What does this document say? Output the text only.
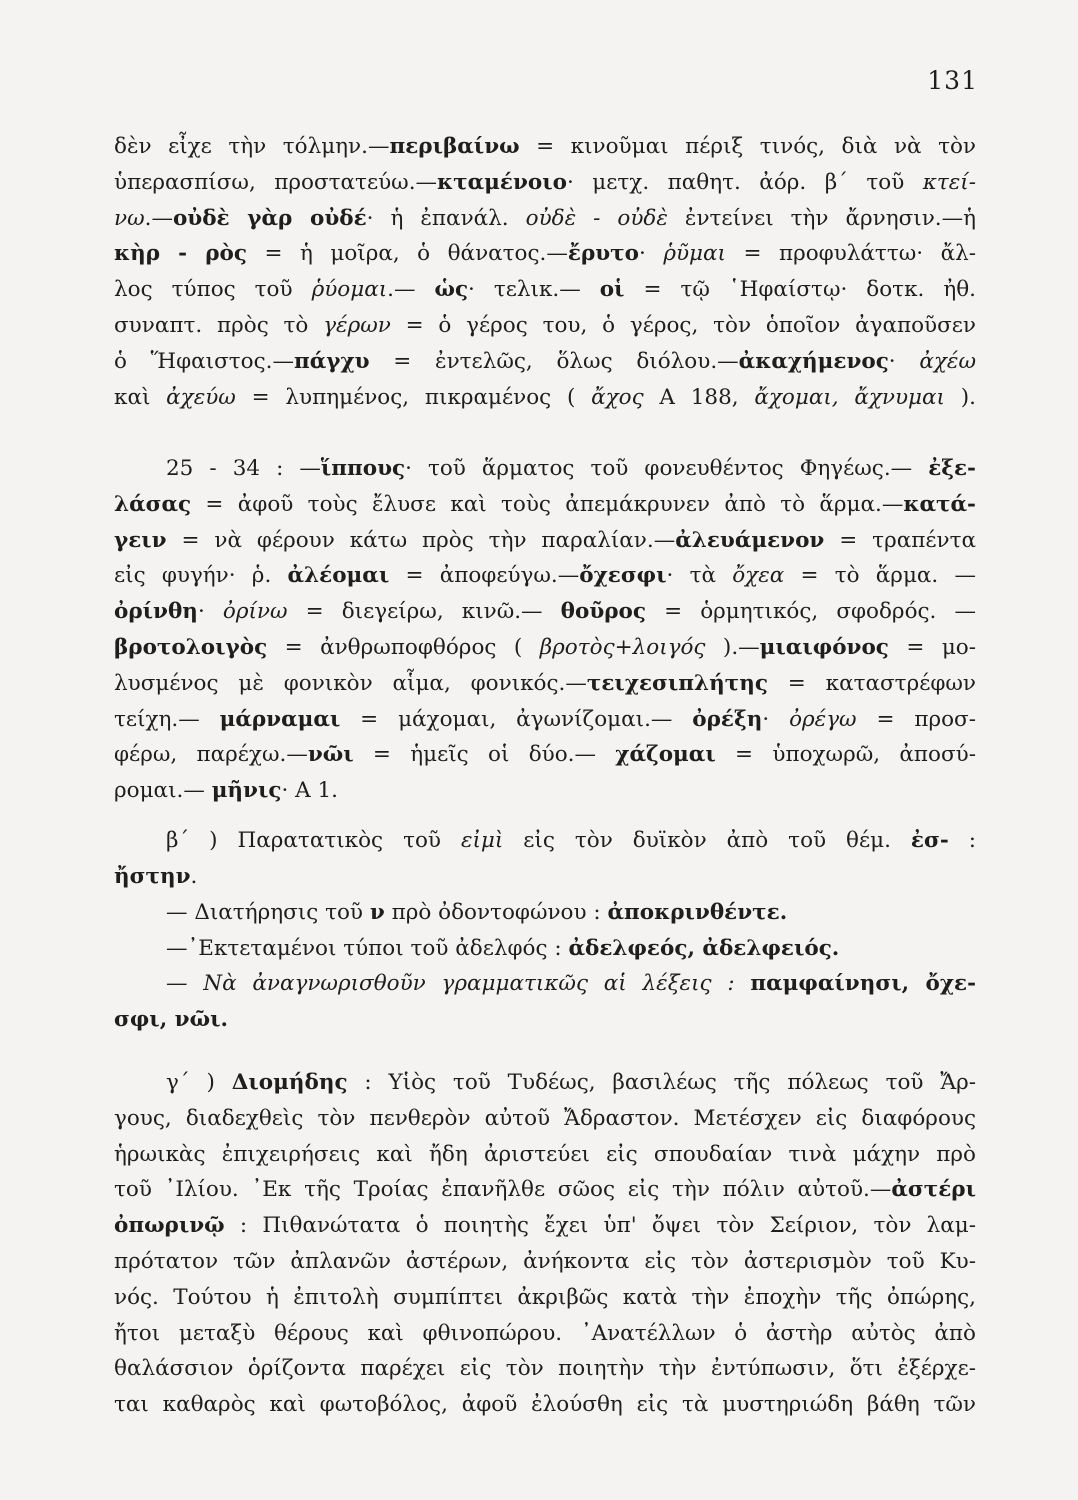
131
δὲν εἶχε τὴν τόλμην.—περιβαίνω = κινοῦμαι πέριξ τινός, διὰ νὰ τὸν
ὑπερασπίσω, προστατεύω.—κταμένοιο· μετχ. παθητ. ἀόρ. β΄ τοῦ κτεί-
νω.—οὐδὲ γὰρ οὐδέ· ἡ ἐπανάλ. οὐδὲ - οὐδὲ ἐντείνει τὴν ἄρνησιν.—ἡ
κὴρ - ρὸς = ἡ μοῖρα, ὁ θάνατος.—ἔρυτο· ῥῦμαι = προφυλάττω· ἄλ-
λος τύπος τοῦ ῥύομαι.— ὡς· τελικ.— οἱ = τῷ ῾Ηφαίστῳ· δοτκ. ἠθ.
συναπτ. πρὸς τὸ γέρων = ὁ γέρος του, ὁ γέρος, τὸν ὁποῖον ἀγαποῦσεν
ὁ Ἥφαιστος.—πάγχυ = ἐντελῶς, ὅλως διόλου.—ἀκαχήμενος· ἀχέω
καὶ ἀχεύω = λυπημένος, πικραμένος ( ἄχος Α 188, ἄχομαι, ἄχνυμαι ).
25 - 34 : —ἵππους· τοῦ ἅρματος τοῦ φονευθέντος Φηγέως.— ἐξε-
λάσας = ἀφοῦ τοὺς ἔλυσε καὶ τοὺς ἀπεμάκρυνεν ἀπὸ τὸ ἅρμα.—κατά-
γειν = νὰ φέρουν κάτω πρὸς τὴν παραλίαν.—ἀλευάμενον = τραπέντα
εἰς φυγήν· ῥ. ἀλέομαι = ἀποφεύγω.—ὄχεσφι· τὰ ὄχεα = τὸ ἅρμα. —
ὀρίνθη· ὀρίνω = διεγείρω, κινῶ.— θοῦρος = ὁρμητικός, σφοδρός. —
βροτολοιγὸς = ἀνθρωποφθόρος ( βροτὸς+λοιγός ).—μιαιφόνος = μο-
λυσμένος μὲ φονικὸν αἷμα, φονικός.—τειχεσιπλήτης = καταστρέφων
τείχη.— μάρναμαι = μάχομαι, ἀγωνίζομαι.— ὀρέξη· ὀρέγω = προσ-
φέρω, παρέχω.—νῶι = ἡμεῖς οἱ δύο.— χάζομαι = ὑποχωρῶ, ἀποσύ-
ρομαι.— μῆνις· Α 1.
β΄ ) Παρατατικὸς τοῦ εἰμὶ εἰς τὸν δυϊκὸν ἀπὸ τοῦ θέμ. ἐσ- :
ἤστην.
— Διατήρησις τοῦ ν πρὸ ὀδοντοφώνου : ἀποκρινθέντε.
—᾿Εκτεταμένοι τύποι τοῦ ἀδελφός : ἀδελφεός, ἀδελφειός.
— Νὰ ἀναγνωρισθοῦν γραμματικῶς αἱ λέξεις : παμφαίνησι, ὄχε-
σφι, νῶι.
γ΄ ) Διομήδης : Υἱὸς τοῦ Τυδέως, βασιλέως τῆς πόλεως τοῦ Ἄρ-
γους, διαδεχθεὶς τὸν πενθερὸν αὐτοῦ Ἄδραστον. Μετέσχεν εἰς διαφόρους
ἡρωικὰς ἐπιχειρήσεις καὶ ἤδη ἀριστεύει εἰς σπουδαίαν τινὰ μάχην πρὸ
τοῦ ᾿Ιλίου. ᾿Εκ τῆς Τροίας ἐπανῆλθε σῶος εἰς τὴν πόλιν αὐτοῦ.—ἀστέρι
ὀπωρινῷ : Πιθανώτατα ὁ ποιητὴς ἔχει ὑπ' ὄψει τὸν Σείριον, τὸν λαμ-
πρότατον τῶν ἀπλανῶν ἀστέρων, ἀνήκοντα εἰς τὸν ἀστερισμὸν τοῦ Κυ-
νός. Τούτου ἡ ἐπιτολὴ συμπίπτει ἀκριβῶς κατὰ τὴν ἐποχὴν τῆς ὀπώρης,
ἤτοι μεταξὺ θέρους καὶ φθινοπώρου. ᾿Ανατέλλων ὁ ἀστὴρ αὐτὸς ἀπὸ
θαλάσσιον ὁρίζοντα παρέχει εἰς τὸν ποιητὴν τὴν ἐντύπωσιν, ὅτι ἐξέρχε-
ται καθαρὸς καὶ φωτοβόλος, ἀφοῦ ἐλούσθη εἰς τὰ μυστηριώδη βάθη τῶν
